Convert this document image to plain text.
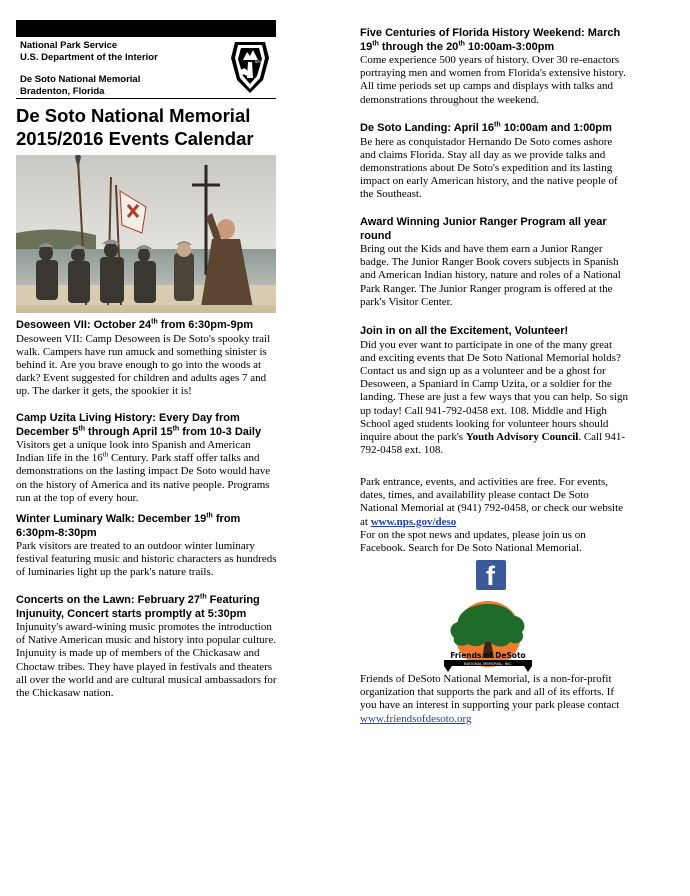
National Park Service
U.S. Department of the Interior
De Soto National Memorial
Bradenton, Florida
NPS
De Soto National Memorial
2015/2016 Events Calendar
Desoween VII: October 24th from 6:30pm-9pm
Desoween VII: Camp Desoween is De Soto's spooky trail walk. Campers have run amuck and something sinister is behind it. Are you brave enough to go into the woods at dark? Event suggested for children and adults ages 7 and up. The darker it gets, the spookier it is!
Camp Uzita Living History: Every Day from December 5th through April 15th from 10-3 Daily
Visitors get a unique look into Spanish and American Indian life in the 16th Century. Park staff offer talks and demonstrations on the lasting impact De Soto would have on the history of America and its native people. Programs run at the top of every hour.
Winter Luminary Walk: December 19th from 6:30pm-8:30pm
Park visitors are treated to an outdoor winter luminary festival featuring music and historic characters as hundreds of luminaries light up the park's nature trails.
Concerts on the Lawn: February 27th Featuring Injunuity, Concert starts promptly at 5:30pm
Injunuity's award-wining music promotes the introduction of Native American music and history into popular culture. Injunuity is made up of members of the Chickasaw and Choctaw tribes. They have played in festivals and theaters all over the world and are cultural musical ambassadors for the Chickasaw nation.
Five Centuries of Florida History Weekend: March 19th through the 20th 10:00am-3:00pm
Come experience 500 years of history. Over 30 re-enactors portraying men and women from Florida's extensive history. All time periods set up camps and displays with talks and demonstrations throughout the weekend.
De Soto Landing: April 16th 10:00am and 1:00pm
Be here as conquistador Hernando De Soto comes ashore and claims Florida. Stay all day as we provide talks and demonstrations about De Soto's expedition and its lasting impact on early American history, and the native people of the Southeast.
Award Winning Junior Ranger Program all year round
Bring out the Kids and have them earn a Junior Ranger badge. The Junior Ranger Book covers subjects in Spanish and American Indian history, nature and roles of a National Park Ranger. The Junior Ranger program is offered at the park's Visitor Center.
Join in on all the Excitement, Volunteer!
Did you ever want to participate in one of the many great and exciting events that De Soto National Memorial holds? Contact us and sign up as a volunteer and be a ghost for Desoween, a Spaniard in Camp Uzita, or a soldier for the landing. These are just a few ways that you can help. So sign up today! Call 941-792-0458 ext. 108. Middle and High School aged students looking for volunteer hours should inquire about the park's Youth Advisory Council. Call 941-792-0458 ext. 108.
Park entrance, events, and activities are free. For events, dates, times, and availability please contact De Soto National Memorial at (941) 792-0458, or check our website at www.nps.gov/deso
For on the spot news and updates, please join us on Facebook. Search for De Soto National Memorial.
f
Friends of DeSoto
NATIONAL MEMORIAL, INC.
Friends of DeSoto National Memorial, is a non-for-profit organization that supports the park and all of its efforts. If you have an interest in supporting your park please contact www.friendsofdesoto.org
